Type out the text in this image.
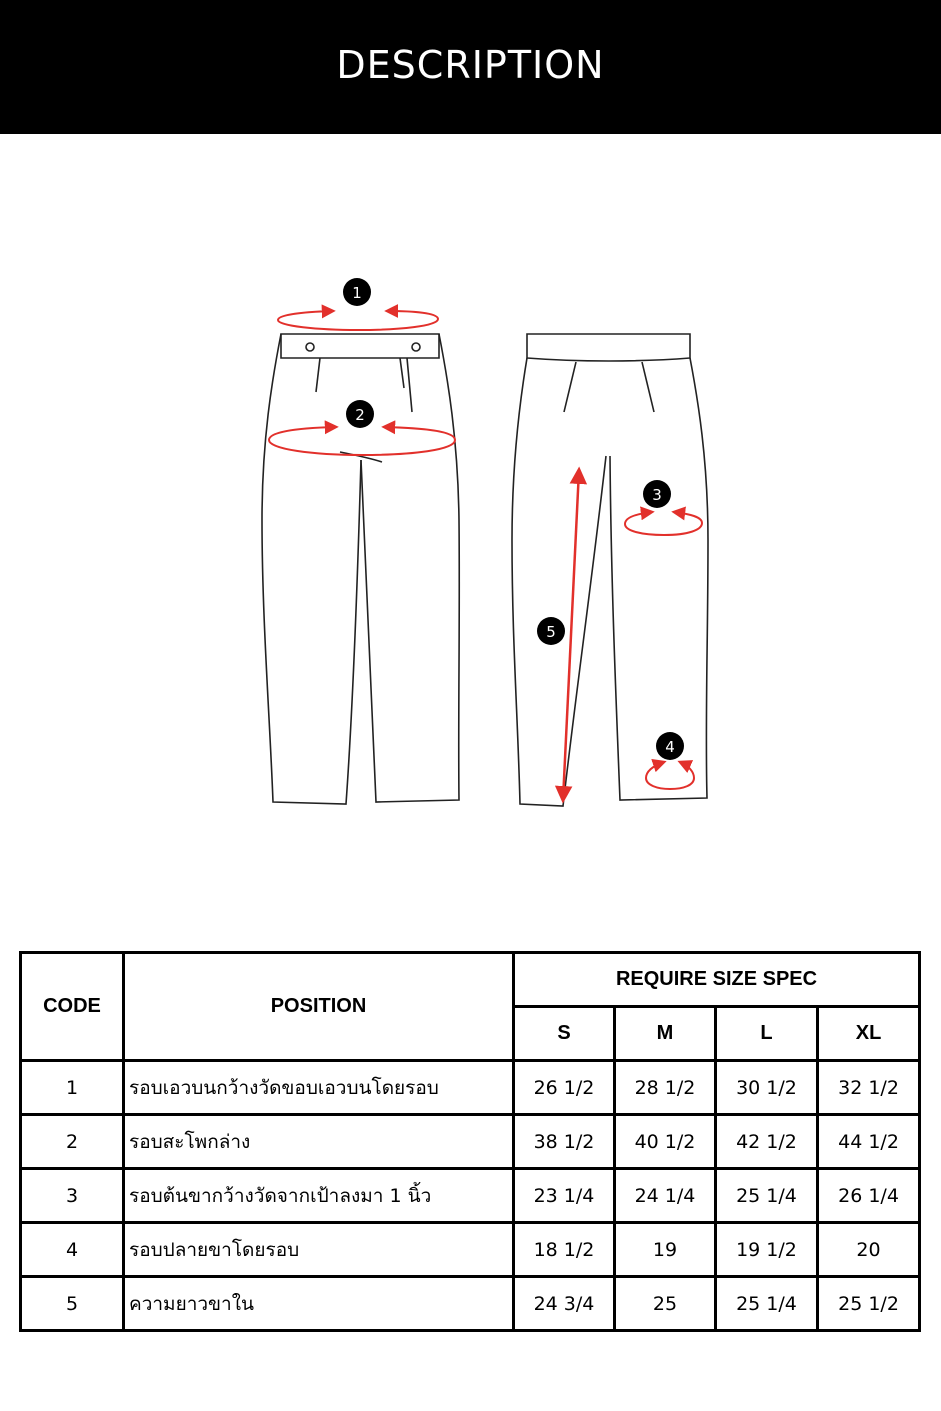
DESCRIPTION
1
2
3
4
5
CODE	POSITION	REQUIRE SIZE SPEC			
		S	M	L	XL
1	รอบเอวบนกว้างวัดขอบเอวบนโดยรอบ	26 1/2	28 1/2	30 1/2	32 1/2
2	รอบสะโพกล่าง	38 1/2	40 1/2	42 1/2	44 1/2
3	รอบต้นขากว้างวัดจากเป้าลงมา 1 นิ้ว	23 1/4	24 1/4	25 1/4	26 1/4
4	รอบปลายขาโดยรอบ	18 1/2	19	19 1/2	20
5	ความยาวขาใน	24 3/4	25	25 1/4	25 1/2
